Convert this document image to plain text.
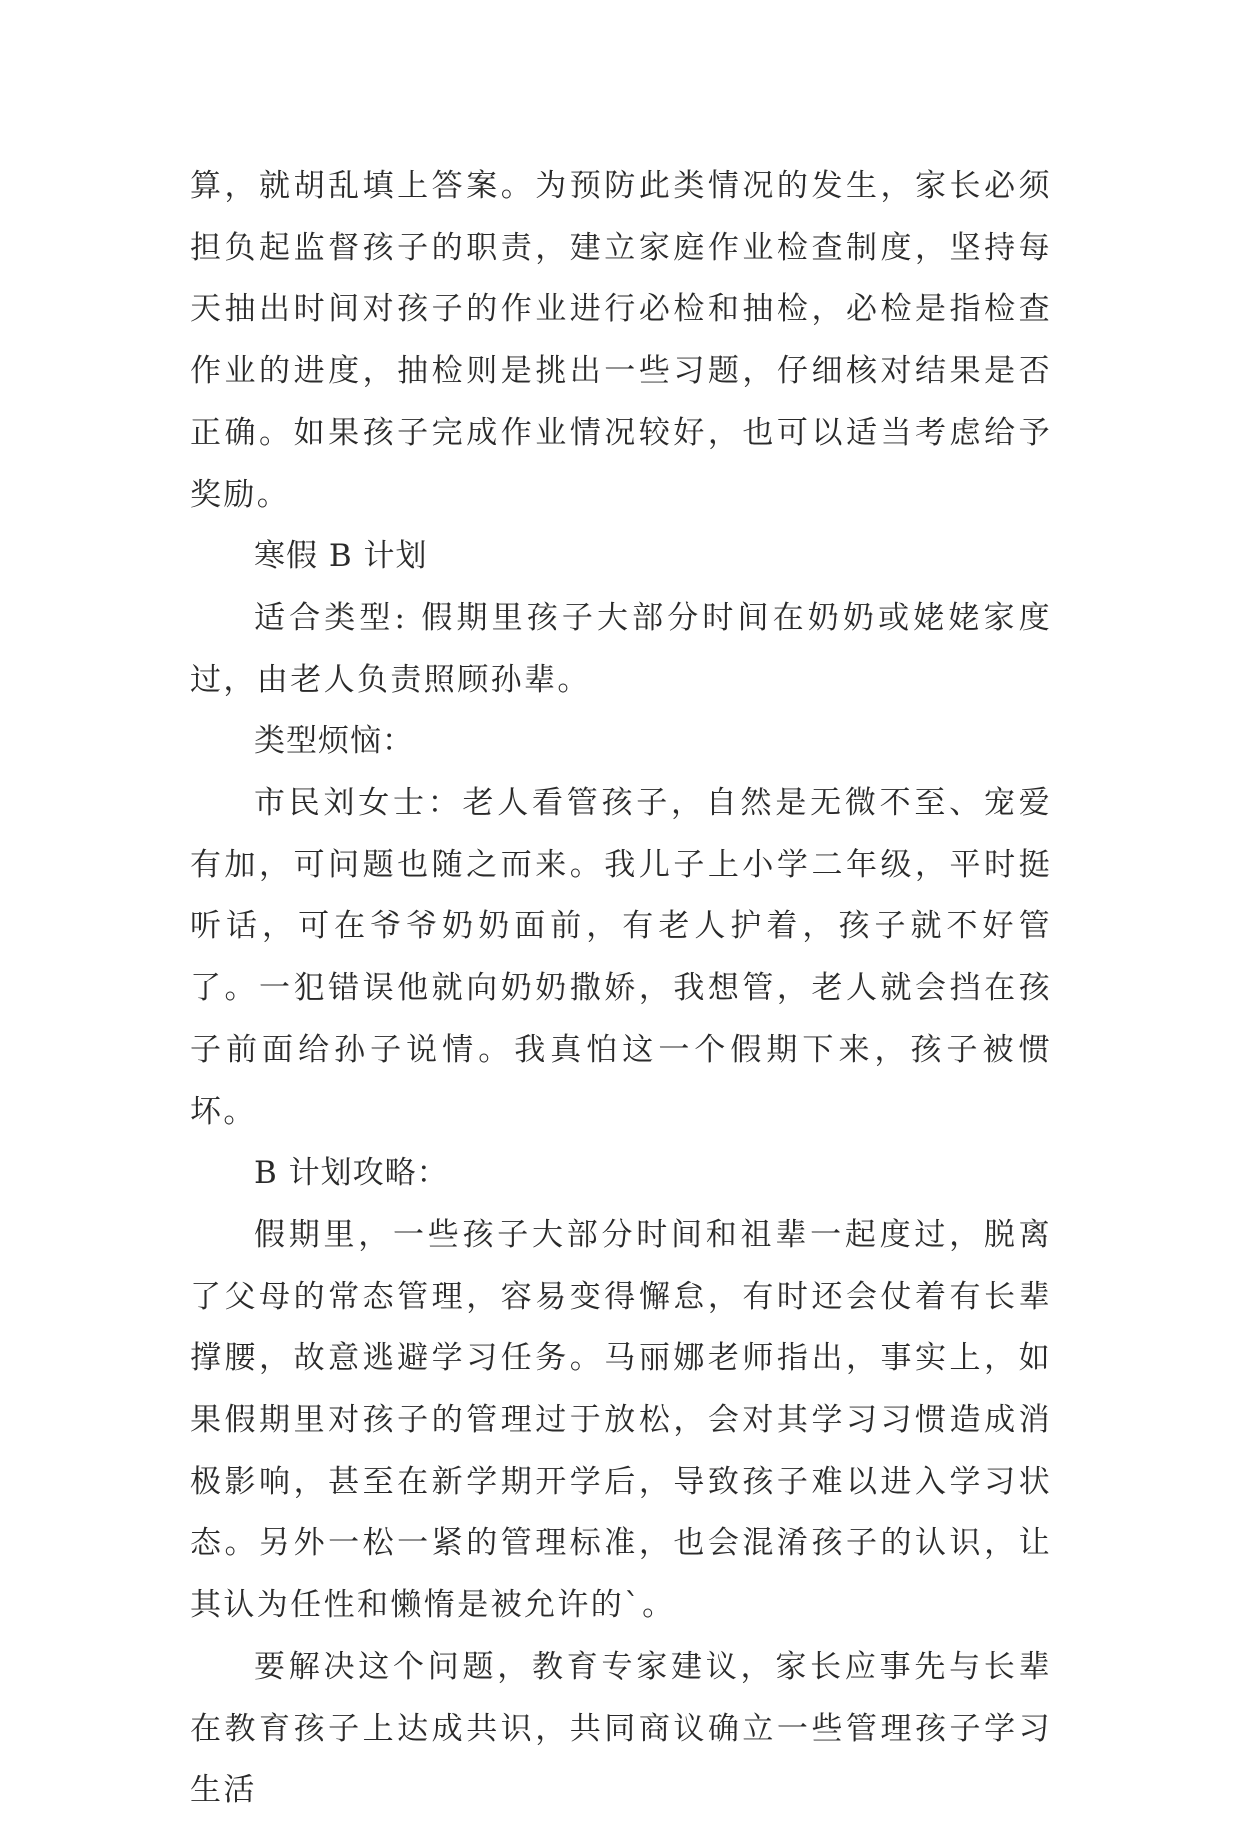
算，就胡乱填上答案。为预防此类情况的发生，家长必须担负起监督孩子的职责，建立家庭作业检查制度，坚持每天抽出时间对孩子的作业进行必检和抽检，必检是指检查作业的进度，抽检则是挑出一些习题，仔细核对结果是否正确。如果孩子完成作业情况较好，也可以适当考虑给予奖励。

寒假 B 计划

适合类型: 假期里孩子大部分时间在奶奶或姥姥家度过，由老人负责照顾孙辈。

类型烦恼：

市民刘女士：老人看管孩子，自然是无微不至、宠爱有加，可问题也随之而来。我儿子上小学二年级，平时挺听话，可在爷爷奶奶面前，有老人护着，孩子就不好管了。一犯错误他就向奶奶撒娇，我想管，老人就会挡在孩子前面给孙子说情。我真怕这一个假期下来，孩子被惯坏。

B 计划攻略：

假期里，一些孩子大部分时间和祖辈一起度过，脱离了父母的常态管理，容易变得懈怠，有时还会仗着有长辈撑腰，故意逃避学习任务。马丽娜老师指出，事实上，如果假期里对孩子的管理过于放松，会对其学习习惯造成消极影响，甚至在新学期开学后，导致孩子难以进入学习状态。另外一松一紧的管理标准，也会混淆孩子的认识，让其认为任性和懒惰是被允许的`。

要解决这个问题，教育专家建议，家长应事先与长辈在教育孩子上达成共识，共同商议确立一些管理孩子学习生活
